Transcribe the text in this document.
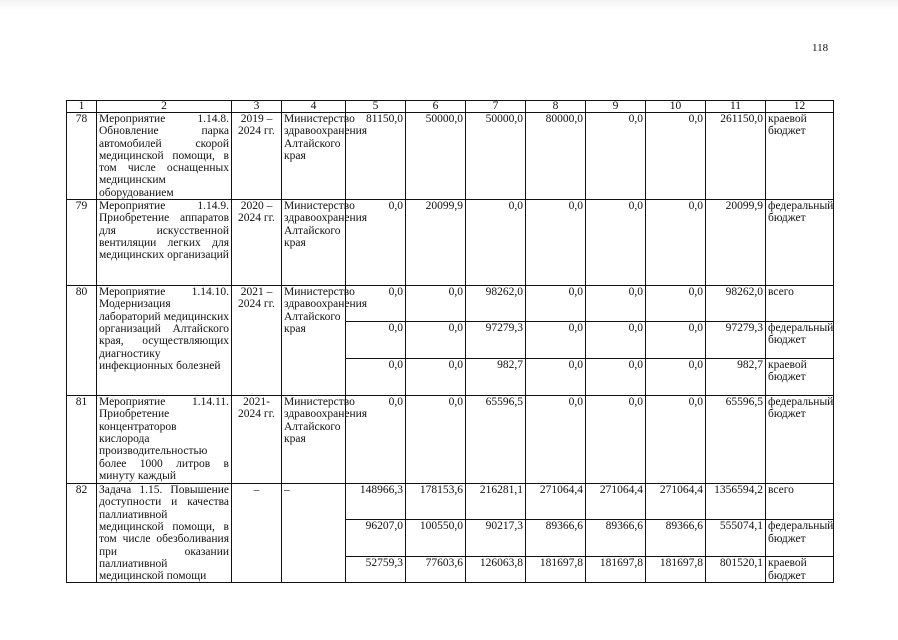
118
1	2	3	4	5	6	7	8	9	10	11	12
78	Мероприятие 1.14.8. Обновление парка автомобилей скорой медицинской помощи, в том числе оснащенных медицинским оборудованием	2019 – 2024 гг.	Министерство здравоохранения Алтайского края	81150,0	50000,0	50000,0	80000,0	0,0	0,0	261150,0	краевой бюджет
79	Мероприятие 1.14.9. Приобретение аппаратов для искусственной вентиляции легких для медицинских организаций	2020 – 2024 гг.	Министерство здравоохранения Алтайского края	0,0	20099,9	0,0	0,0	0,0	0,0	20099,9	федеральный бюджет
80	Мероприятие 1.14.10. Модернизация лабораторий медицинских организаций Алтайского края, осуществляющих диагностику инфекционных болезней	2021 – 2024 гг.	Министерство здравоохранения Алтайского края	0,0	0,0	98262,0	0,0	0,0	0,0	98262,0	всего
				0,0	0,0	97279,3	0,0	0,0	0,0	97279,3	федеральный бюджет
				0,0	0,0	982,7	0,0	0,0	0,0	982,7	краевой бюджет
81	Мероприятие 1.14.11. Приобретение концентраторов кислорода производительностью более 1000 литров в минуту каждый	2021-2024 гг.	Министерство здравоохранения Алтайского края	0,0	0,0	65596,5	0,0	0,0	0,0	65596,5	федеральный бюджет
82	Задача 1.15. Повышение доступности и качества паллиативной медицинской помощи, в том числе обезболивания при оказании паллиативной медицинской помощи	–	–	148966,3	178153,6	216281,1	271064,4	271064,4	271064,4	1356594,2	всего
				96207,0	100550,0	90217,3	89366,6	89366,6	89366,6	555074,1	федеральный бюджет
				52759,3	77603,6	126063,8	181697,8	181697,8	181697,8	801520,1	краевой бюджет
